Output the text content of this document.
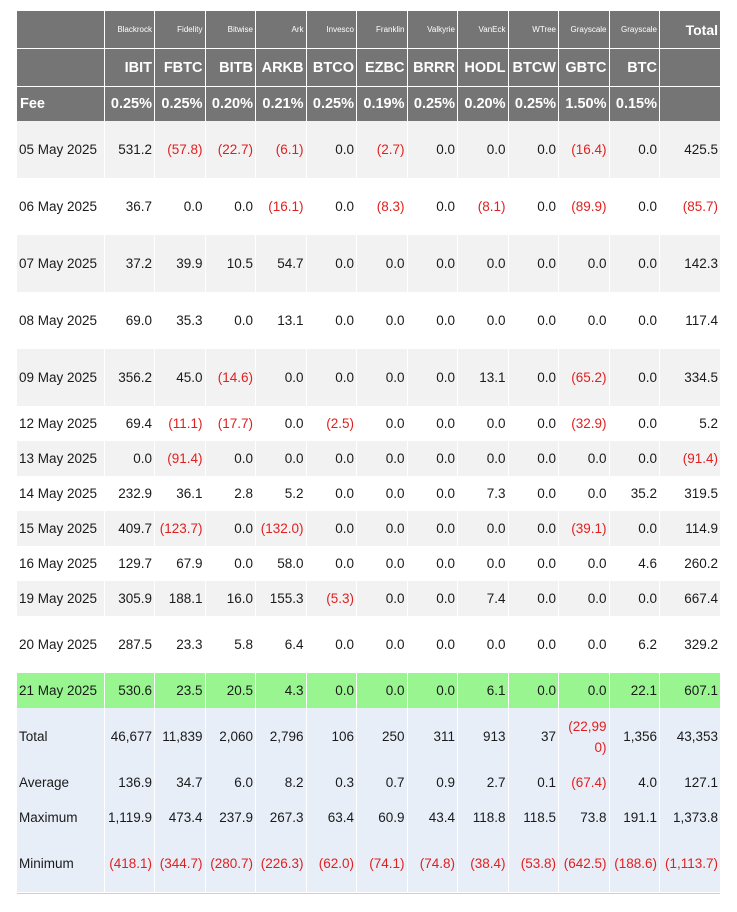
	Blackrock	Fidelity	Bitwise	Ark	Invesco	Franklin	Valkyrie	VanEck	WTree	Grayscale	Grayscale	Total
	IBIT	FBTC	BITB	ARKB	BTCO	EZBC	BRRR	HODL	BTCW	GBTC	BTC	
Fee	0.25%	0.25%	0.20%	0.21%	0.25%	0.19%	0.25%	0.20%	0.25%	1.50%	0.15%	
05 May 2025	531.2	(57.8)	(22.7)	(6.1)	0.0	(2.7)	0.0	0.0	0.0	(16.4)	0.0	425.5
06 May 2025	36.7	0.0	0.0	(16.1)	0.0	(8.3)	0.0	(8.1)	0.0	(89.9)	0.0	(85.7)
07 May 2025	37.2	39.9	10.5	54.7	0.0	0.0	0.0	0.0	0.0	0.0	0.0	142.3
08 May 2025	69.0	35.3	0.0	13.1	0.0	0.0	0.0	0.0	0.0	0.0	0.0	117.4
09 May 2025	356.2	45.0	(14.6)	0.0	0.0	0.0	0.0	13.1	0.0	(65.2)	0.0	334.5
12 May 2025	69.4	(11.1)	(17.7)	0.0	(2.5)	0.0	0.0	0.0	0.0	(32.9)	0.0	5.2
13 May 2025	0.0	(91.4)	0.0	0.0	0.0	0.0	0.0	0.0	0.0	0.0	0.0	(91.4)
14 May 2025	232.9	36.1	2.8	5.2	0.0	0.0	0.0	7.3	0.0	0.0	35.2	319.5
15 May 2025	409.7	(123.7)	0.0	(132.0)	0.0	0.0	0.0	0.0	0.0	(39.1)	0.0	114.9
16 May 2025	129.7	67.9	0.0	58.0	0.0	0.0	0.0	0.0	0.0	0.0	4.6	260.2
19 May 2025	305.9	188.1	16.0	155.3	(5.3)	0.0	0.0	7.4	0.0	0.0	0.0	667.4
20 May 2025	287.5	23.3	5.8	6.4	0.0	0.0	0.0	0.0	0.0	0.0	6.2	329.2
21 May 2025	530.6	23.5	20.5	4.3	0.0	0.0	0.0	6.1	0.0	0.0	22.1	607.1
Total	46,677	11,839	2,060	2,796	106	250	311	913	37	(22,990)	1,356	43,353
Average	136.9	34.7	6.0	8.2	0.3	0.7	0.9	2.7	0.1	(67.4)	4.0	127.1
Maximum	1,119.9	473.4	237.9	267.3	63.4	60.9	43.4	118.8	118.5	73.8	191.1	1,373.8
Minimum	(418.1)	(344.7)	(280.7)	(226.3)	(62.0)	(74.1)	(74.8)	(38.4)	(53.8)	(642.5)	(188.6)	(1,113.7)
